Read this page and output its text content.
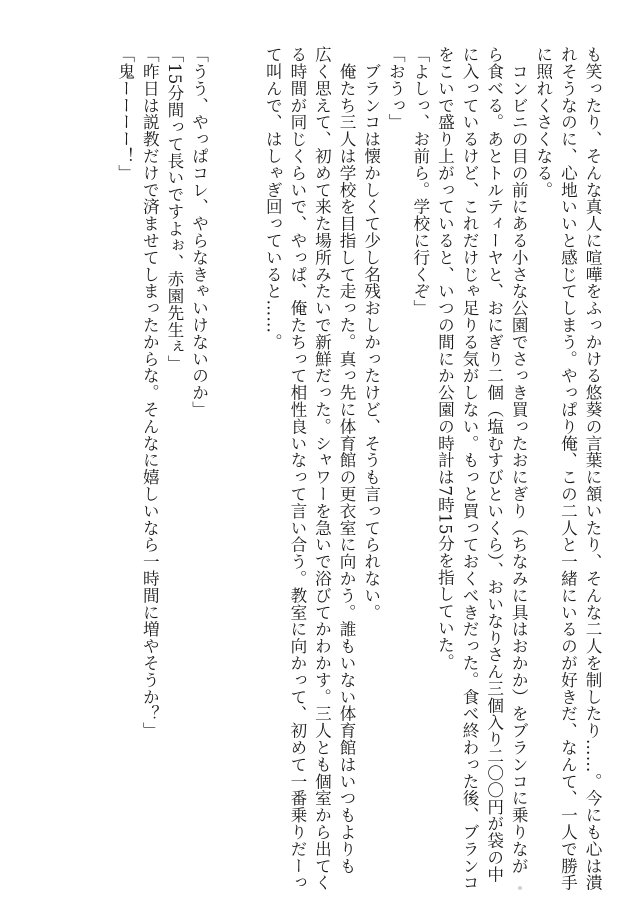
も笑ったり、そんな真人に喧嘩をふっかける悠葵の言葉に頷いたり、そんな二人を制したり……。今にも心は潰

れそうなのに、心地いいと感じてしまう。やっぱり俺、この二人と一緒にいるのが好きだ、なんて、一人で勝手

に照れくさくなる。

　コンビニの目の前にある小さな公園でさっき買ったおにぎり（ちなみに具はおかか）をブランコに乗りなが

ら食べる。あとトルティーヤと、おにぎり二個（塩むすびといくら）、おいなりさん三個入り二〇〇円が袋の中

に入っているけど、これだけじゃ足りる気がしない。もっと買っておくべきだった。食べ終わった後、ブランコ

をこいで盛り上がっていると、いつの間にか公園の時計は7時15分を指していた。

「よしっ、お前ら。学校に行くぞ」

「おうっ」

　ブランコは懐かしくて少し名残おしかったけど、そうも言ってられない。

　俺たち三人は学校を目指して走った。真っ先に体育館の更衣室に向かう。誰もいない体育館はいつもよりも

広く思えて、初めて来た場所みたいで新鮮だった。シャワーを急いで浴びてかわかす。三人とも個室から出てく

る時間が同じくらいで、やっぱ、俺たちって相性良いなって言い合う。教室に向かって、初めて一番乗りだーっ

て叫んで、はしゃぎ回っていると……。

「うう、やっぱコレ、やらなきゃいけないのか」

「15分間って長いですよぉ、赤園先生ぇ」

「昨日は説教だけで済ませてしまったからな。そんなに嬉しいなら一時間に増やそうか？」

「鬼ーーーー！」
